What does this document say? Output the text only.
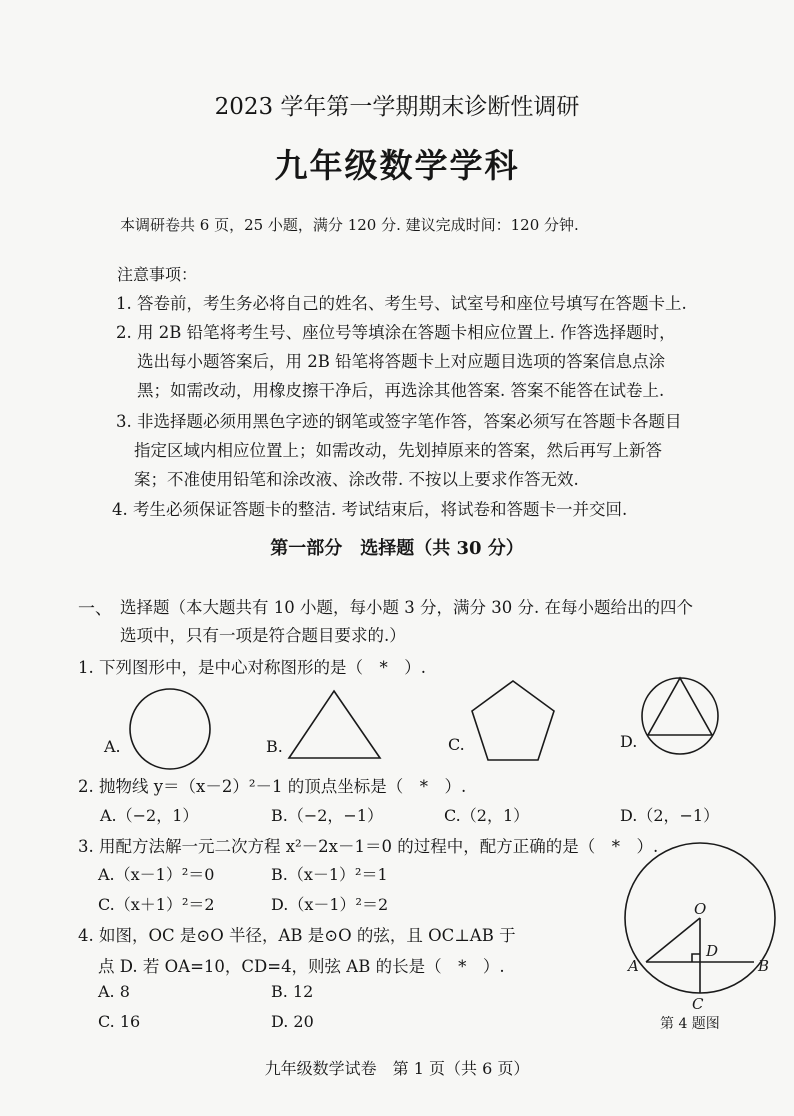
2023 学年第一学期期末诊断性调研
九年级数学学科
本调研卷共 6 页，25 小题，满分 120 分. 建议完成时间：120 分钟.
注意事项：
1. 答卷前，考生务必将自己的姓名、考生号、试室号和座位号填写在答题卡上.
2. 用 2B 铅笔将考生号、座位号等填涂在答题卡相应位置上. 作答选择题时，
选出每小题答案后，用 2B 铅笔将答题卡上对应题目选项的答案信息点涂
黑；如需改动，用橡皮擦干净后，再选涂其他答案. 答案不能答在试卷上.
3. 非选择题必须用黑色字迹的钢笔或签字笔作答，答案必须写在答题卡各题目
指定区域内相应位置上；如需改动，先划掉原来的答案，然后再写上新答
案；不准使用铅笔和涂改液、涂改带. 不按以上要求作答无效.
4. 考生必须保证答题卡的整洁. 考试结束后，将试卷和答题卡一并交回.
第一部分　选择题（共 30 分）
一、 选择题（本大题共有 10 小题，每小题 3 分，满分 30 分. 在每小题给出的四个
选项中，只有一项是符合题目要求的.）
1. 下列图形中，是中心对称图形的是（　*　）.
A.	B.	C.	D.
2. 抛物线 y＝（x－2）²－1 的顶点坐标是（　*　）.
A.（−2，1）	B.（−2，−1）	C.（2，1）	D.（2，−1）
3. 用配方法解一元二次方程 x²－2x－1＝0 的过程中，配方正确的是（　*　）.
A.（x－1）²＝0	B.（x－1）²＝1
C.（x＋1）²＝2	D.（x－1）²＝2
4. 如图，OC 是⊙O 半径，AB 是⊙O 的弦，且 OC⊥AB 于
点 D. 若 OA=10，CD=4，则弦 AB 的长是（　*　）.
A. 8	B. 12
C. 16	D. 20
O
D
A	B
C
第 4 题图
九年级数学试卷　第 1 页（共 6 页）
